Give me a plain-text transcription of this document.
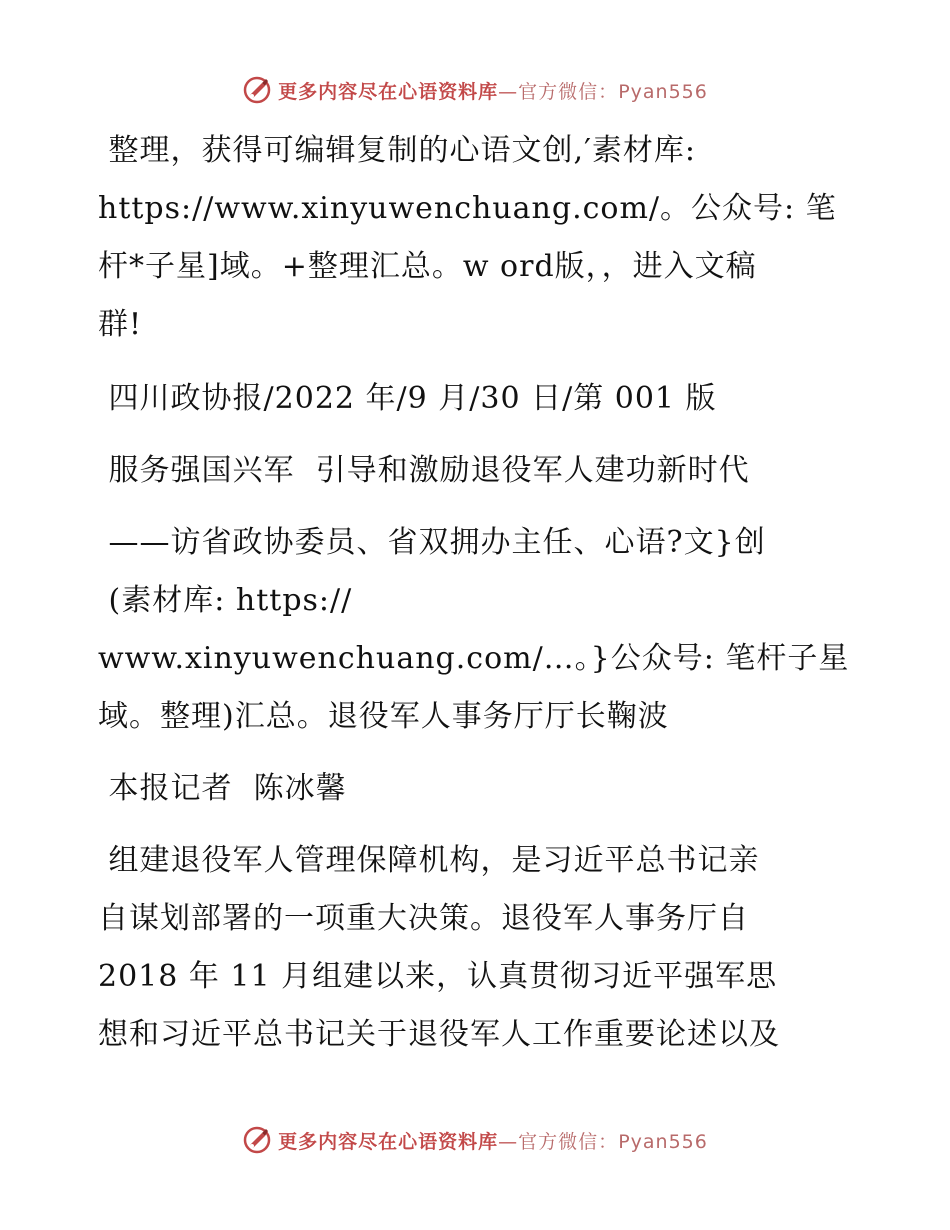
更多内容尽在心语资料库—官方微信：Pyan556

整理，获得可编辑复制的心语文创,′素材库:

https://www.xinyuwenchuang.com/。公众号: 笔

杆*子星]域。+整理汇总。w ord版，，进入文稿

群!

四川政协报/2022 年/9 月/30 日/第 001 版

服务强国兴军  引导和激励退役军人建功新时代

——访省政协委员、省双拥办主任、心语?文}创

(素材库: https://

www.xinyuwenchuang.com/…。}公众号: 笔杆子星

域。整理)汇总。退役军人事务厅厅长鞠波

本报记者  陈冰馨

组建退役军人管理保障机构，是习近平总书记亲

自谋划部署的一项重大决策。退役军人事务厅自

2018 年 11 月组建以来，认真贯彻习近平强军思

想和习近平总书记关于退役军人工作重要论述以及

更多内容尽在心语资料库—官方微信：Pyan556
